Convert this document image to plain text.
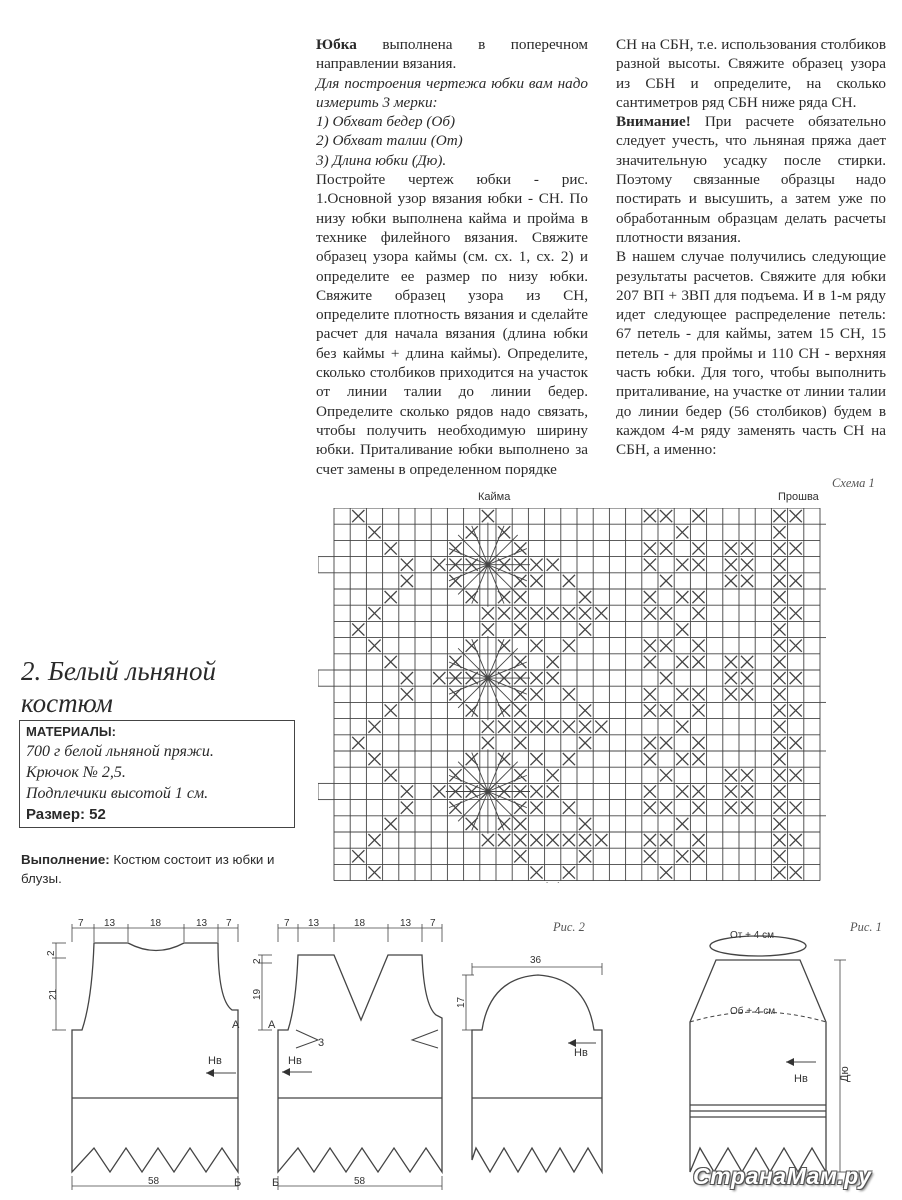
Юбка выполнена в поперечном направлении вязания.

Для построения чертежа юбки вам надо измерить 3 мерки:

1) Обхват бедер (Об)

2) Обхват талии (От)

3) Длина юбки (Дю).

Постройте чертеж юбки - рис. 1.Основной узор вязания юбки - СН. По низу юбки выполнена кайма и пройма в технике филейного вязания. Свяжите образец узора каймы (см. сх. 1, сх. 2) и определите ее размер по низу юбки. Свяжите образец узора из СН, определите плотность вязания и сделайте расчет для начала вязания (длина юбки без каймы + длина каймы). Определите, сколько столбиков приходится на участок от линии талии до линии бедер. Определите сколько рядов надо связать, чтобы получить необходимую ширину юбки. Приталивание юбки выполнено за счет замены в определенном порядке

СН на СБН, т.е. использования столбиков разной высоты. Свяжите образец узора из СБН и определите, на сколько сантиметров ряд СБН ниже ряда СН.

Внимание! При расчете обязательно следует учесть, что льняная пряжа дает значительную усадку после стирки. Поэтому связанные образцы надо постирать и высушить, а затем уже по обработанным образцам делать расчеты плотности вязания.

В нашем случае получились следующие результаты расчетов. Свяжите для юбки 207 ВП + 3ВП для подъема. И в 1-м ряду идет следующее распределение петель: 67 петель - для каймы, затем 15 СН, 15 петель - для проймы и 110 СН - верхняя часть юбки. Для того, чтобы выполнить приталивание, на участке от линии талии до линии бедер (56 столбиков) будем в каждом 4-м ряду заменять часть СН на СБН, а именно:

Схема 1
Кайма	Прошва
2. Белый льняной костюм
МАТЕРИАЛЫ:
700 г белой льняной пряжи.
Крючок № 2,5.
Подплечики высотой 1 см.
Размер: 52
Выполнение: Костюм состоит из юбки и блузы.
Рис. 2	Рис. 1
7 13	18	13 7
2
21
58
А
Б
Нв
7 13	18	13 7
3
2
19
58
А
Б
Нв
36
17
Нв
От + 4 см
Об + 4 см
Дю
Нв
СтранаМам.ру
